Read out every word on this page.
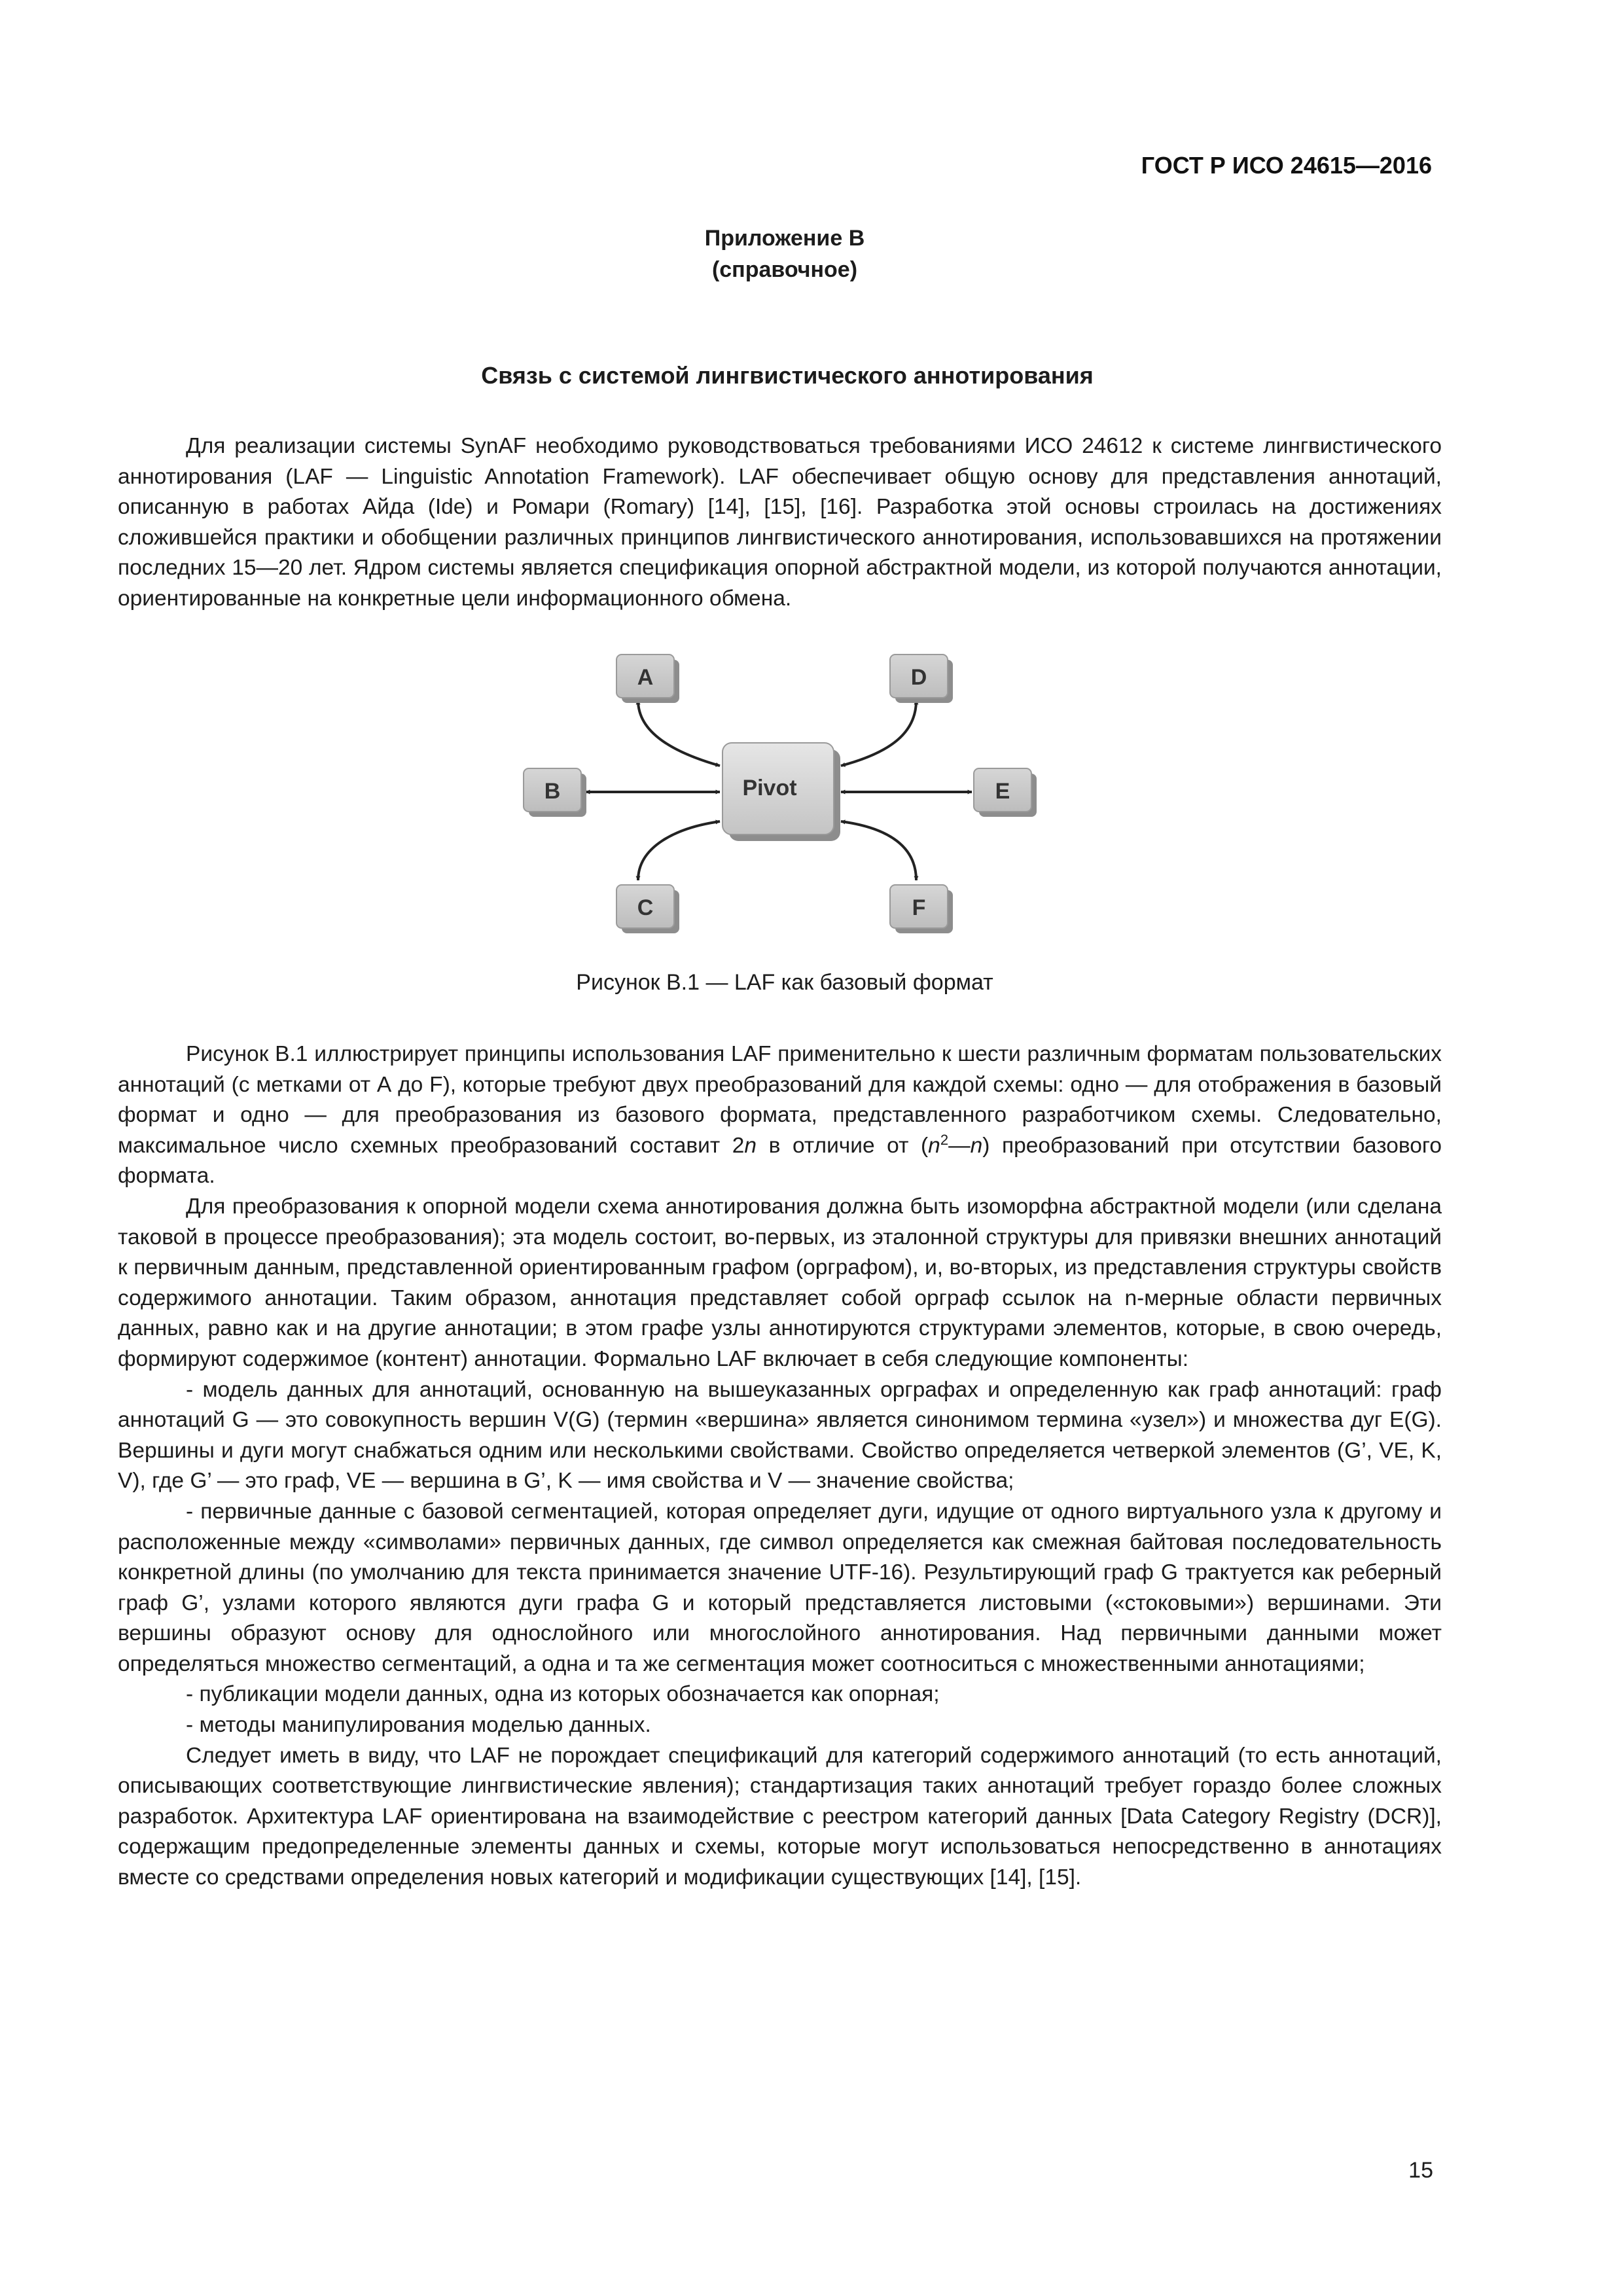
ГОСТ Р ИСО 24615—2016
Приложение В
(справочное)
Связь с системой лингвистического аннотирования

Для реализации системы SynAF необходимо руководствоваться требованиями ИСО 24612 к системе лингвистического аннотирования (LAF — Linguistic Annotation Framework). LAF обеспечивает общую основу для представления аннотаций, описанную в работах Айда (Ide) и Ромари (Romary) [14], [15], [16]. Разработка этой основы строилась на достижениях сложившейся практики и обобщении различных принципов лингвистического аннотирования, использовавшихся на протяжении последних 15—20 лет. Ядром системы является спецификация опорной абстрактной модели, из которой получаются аннотации, ориентированные на конкретные цели информационного обмена.

A
B
C
D
E
F
Pivot
Рисунок В.1 — LAF как базовый формат

Рисунок В.1 иллюстрирует принципы использования LAF применительно к шести различным форматам пользовательских аннотаций (с метками от А до F), которые требуют двух преобразований для каждой схемы: одно — для отображения в базовый формат и одно — для преобразования из базового формата, представленного разработчиком схемы. Следовательно, максимальное число схемных преобразований составит 2n в отличие от $(n^2—n)$ преобразований при отсутствии базового формата.

Для преобразования к опорной модели схема аннотирования должна быть изоморфна абстрактной модели (или сделана таковой в процессе преобразования); эта модель состоит, во-первых, из эталонной структуры для привязки внешних аннотаций к первичным данным, представленной ориентированным графом (орграфом), и, во-вторых, из представления структуры свойств содержимого аннотации. Таким образом, аннотация представляет собой орграф ссылок на n-мерные области первичных данных, равно как и на другие аннотации; в этом графе узлы аннотируются структурами элементов, которые, в свою очередь, формируют содержимое (контент) аннотации. Формально LAF включает в себя следующие компоненты:

- модель данных для аннотаций, основанную на вышеуказанных орграфах и определенную как граф аннотаций: граф аннотаций G — это совокупность вершин V(G) (термин «вершина» является синонимом термина «узел») и множества дуг E(G). Вершины и дуги могут снабжаться одним или несколькими свойствами. Свойство определяется четверкой элементов (G’, VE, K, V), где G’ — это граф, VE — вершина в G’, K — имя свойства и V — значение свойства;

- первичные данные с базовой сегментацией, которая определяет дуги, идущие от одного виртуального узла к другому и расположенные между «символами» первичных данных, где символ определяется как смежная байтовая последовательность конкретной длины (по умолчанию для текста принимается значение UTF-16). Результирующий граф G трактуется как реберный граф G’, узлами которого являются дуги графа G и который представляется листовыми («стоковыми») вершинами. Эти вершины образуют основу для однослойного или многослойного аннотирования. Над первичными данными может определяться множество сегментаций, а одна и та же сегментация может соотноситься с множественными аннотациями;

- публикации модели данных, одна из которых обозначается как опорная;

- методы манипулирования моделью данных.

Следует иметь в виду, что LAF не порождает спецификаций для категорий содержимого аннотаций (то есть аннотаций, описывающих соответствующие лингвистические явления); стандартизация таких аннотаций требует гораздо более сложных разработок. Архитектура LAF ориентирована на взаимодействие с реестром категорий данных [Data Category Registry (DCR)], содержащим предопределенные элементы данных и схемы, которые могут использоваться непосредственно в аннотациях вместе со средствами определения новых категорий и модификации существующих [14], [15].

15
